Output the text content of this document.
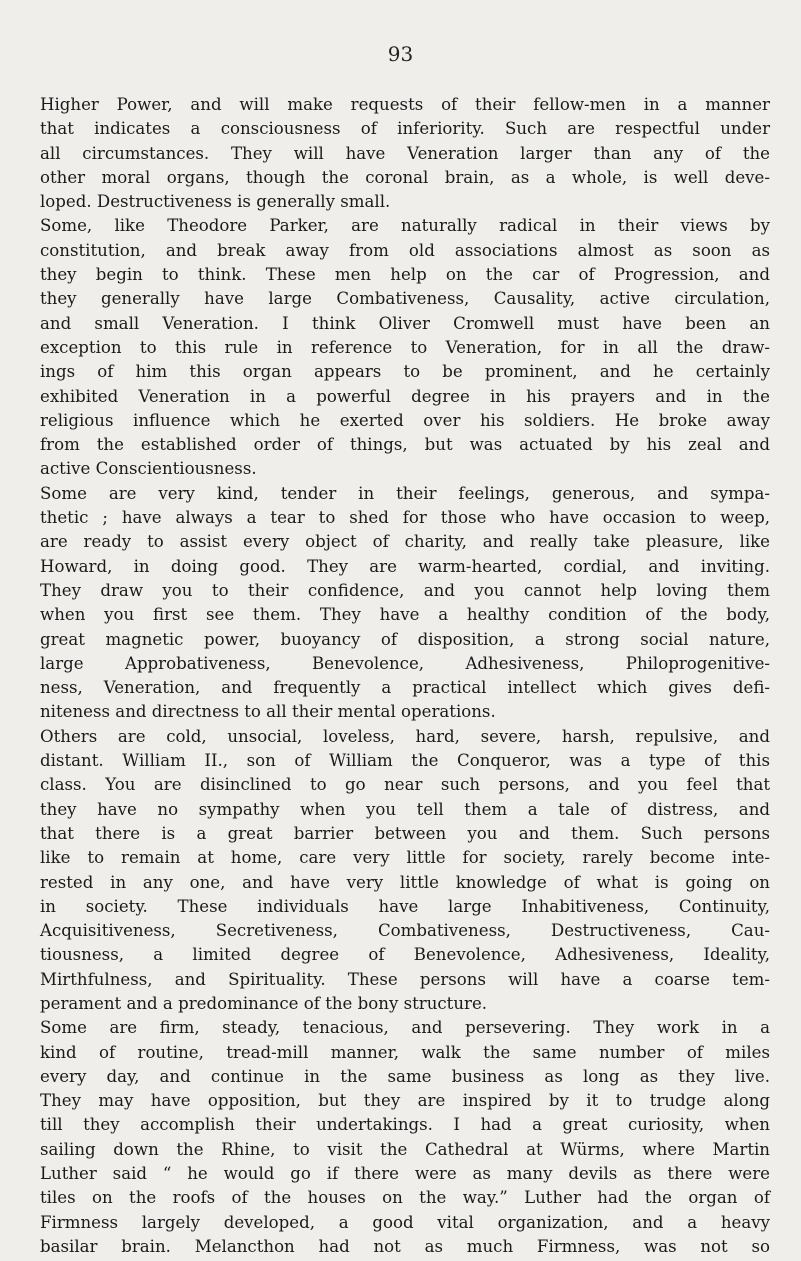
93
Higher Power, and will make requests of their fellow-men in a manner
that indicates a consciousness of inferiority. Such are respectful under
all circumstances. They will have Veneration larger than any of the
other moral organs, though the coronal brain, as a whole, is well deve-
loped. Destructiveness is generally small.
Some, like Theodore Parker, are naturally radical in their views by
constitution, and break away from old associations almost as soon as
they begin to think. These men help on the car of Progression, and
they generally have large Combativeness, Causality, active circulation,
and small Veneration. I think Oliver Cromwell must have been an
exception to this rule in reference to Veneration, for in all the draw-
ings of him this organ appears to be prominent, and he certainly
exhibited Veneration in a powerful degree in his prayers and in the
religious influence which he exerted over his soldiers. He broke away
from the established order of things, but was actuated by his zeal and
active Conscientiousness.
Some are very kind, tender in their feelings, generous, and sympa-
thetic ; have always a tear to shed for those who have occasion to weep,
are ready to assist every object of charity, and really take pleasure, like
Howard, in doing good. They are warm-hearted, cordial, and inviting.
They draw you to their confidence, and you cannot help loving them
when you first see them. They have a healthy condition of the body,
great magnetic power, buoyancy of disposition, a strong social nature,
large Approbativeness, Benevolence, Adhesiveness, Philoprogenitive-
ness, Veneration, and frequently a practical intellect which gives defi-
niteness and directness to all their mental operations.
Others are cold, unsocial, loveless, hard, severe, harsh, repulsive, and
distant. William II., son of William the Conqueror, was a type of this
class. You are disinclined to go near such persons, and you feel that
they have no sympathy when you tell them a tale of distress, and
that there is a great barrier between you and them. Such persons
like to remain at home, care very little for society, rarely become inte-
rested in any one, and have very little knowledge of what is going on
in society. These individuals have large Inhabitiveness, Continuity,
Acquisitiveness, Secretiveness, Combativeness, Destructiveness, Cau-
tiousness, a limited degree of Benevolence, Adhesiveness, Ideality,
Mirthfulness, and Spirituality. These persons will have a coarse tem-
perament and a predominance of the bony structure.
Some are firm, steady, tenacious, and persevering. They work in a
kind of routine, tread-mill manner, walk the same number of miles
every day, and continue in the same business as long as they live.
They may have opposition, but they are inspired by it to trudge along
till they accomplish their undertakings. I had a great curiosity, when
sailing down the Rhine, to visit the Cathedral at Würms, where Martin
Luther said “ he would go if there were as many devils as there were
tiles on the roofs of the houses on the way.” Luther had the organ of
Firmness largely developed, a good vital organization, and a heavy
basilar brain. Melancthon had not as much Firmness, was not so
